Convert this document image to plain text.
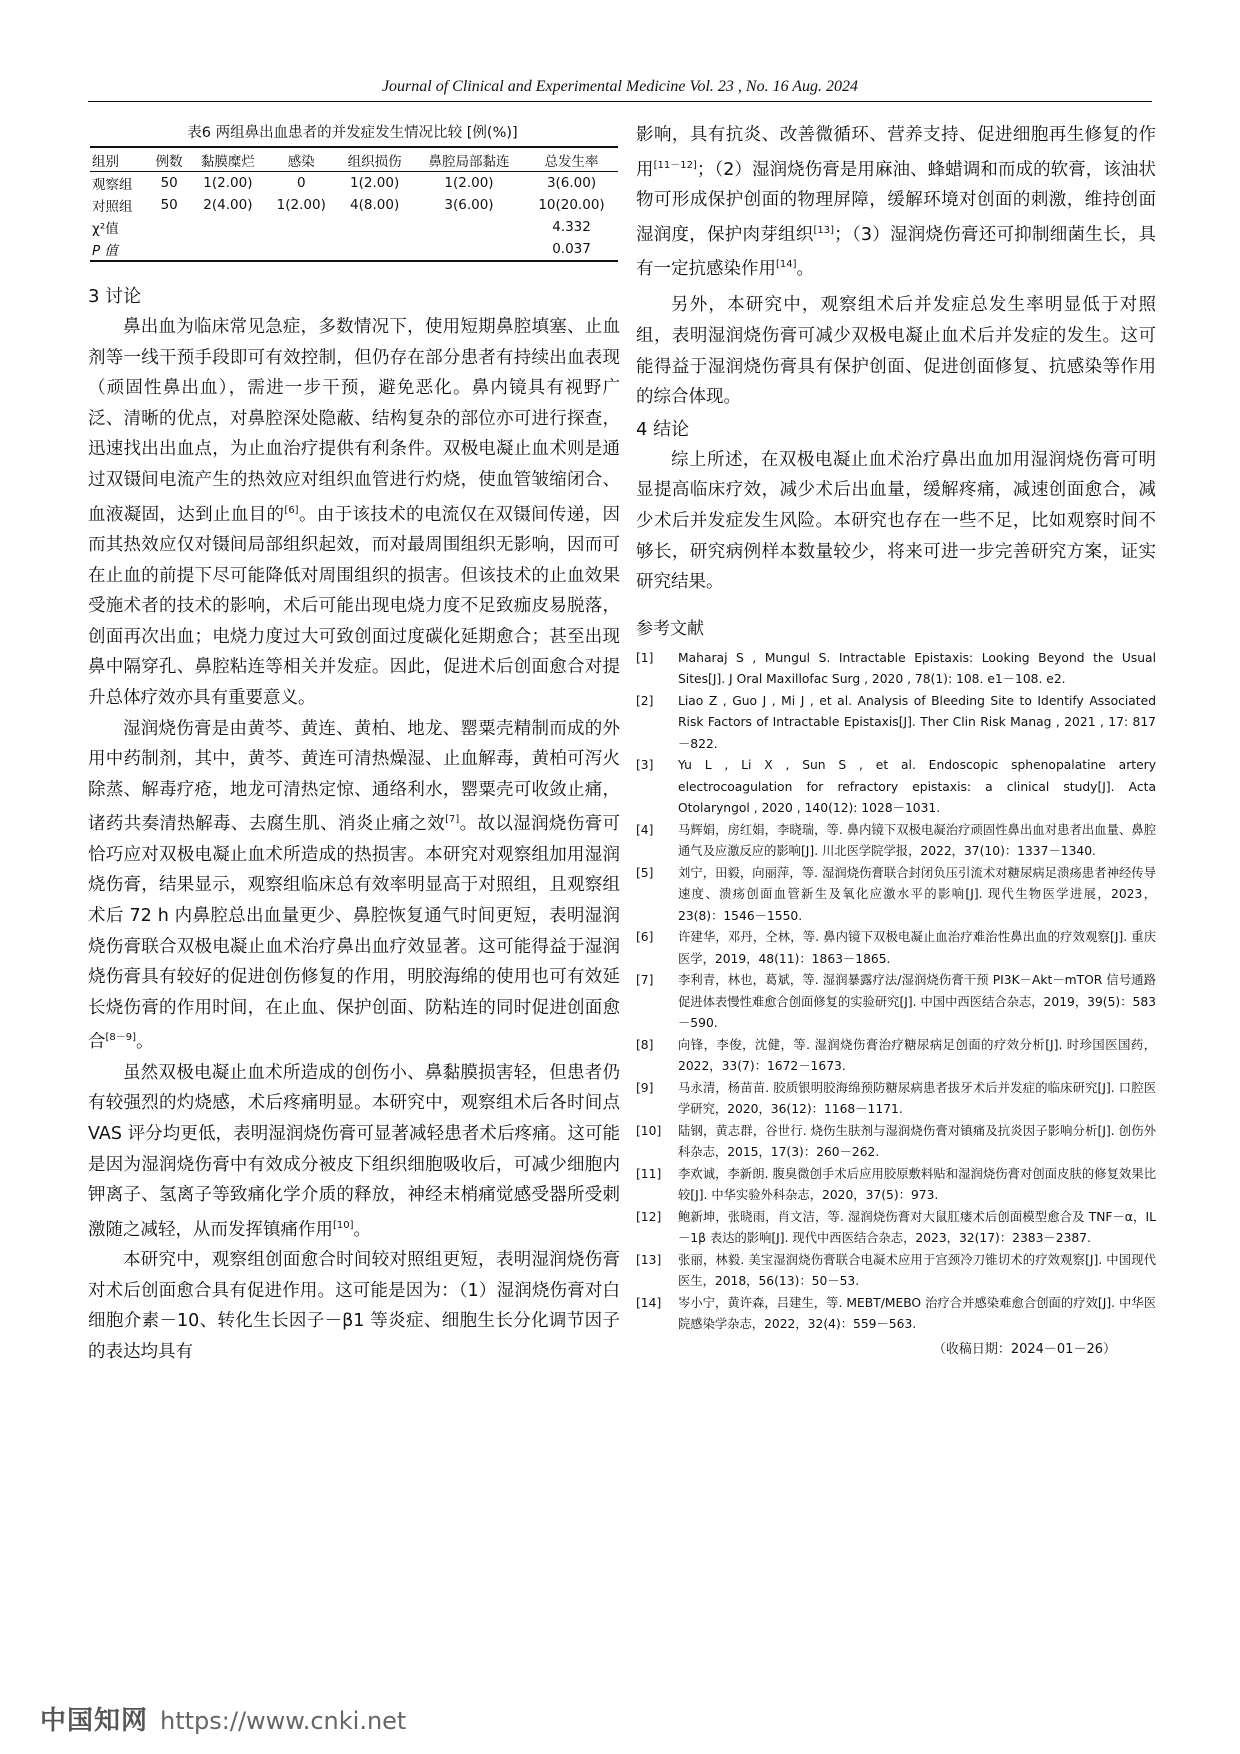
Journal of Clinical and Experimental Medicine Vol. 23 , No. 16 Aug. 2024
表6 两组鼻出血患者的并发症发生情况比较 [例(%)]
组别	例数	黏膜糜烂	感染	组织损伤	鼻腔局部黏连	总发生率
观察组	50	1(2.00)	0	1(2.00)	1(2.00)	3(6.00)
对照组	50	2(4.00)	1(2.00)	4(8.00)	3(6.00)	10(20.00)
χ²值						4.332
P 值						0.037

3 讨论

鼻出血为临床常见急症，多数情况下，使用短期鼻腔填塞、止血剂等一线干预手段即可有效控制，但仍存在部分患者有持续出血表现（顽固性鼻出血），需进一步干预，避免恶化。鼻内镜具有视野广泛、清晰的优点，对鼻腔深处隐蔽、结构复杂的部位亦可进行探查，迅速找出出血点，为止血治疗提供有利条件。双极电凝止血术则是通过双镊间电流产生的热效应对组织血管进行灼烧，使血管皱缩闭合、血液凝固，达到止血目的[6]。由于该技术的电流仅在双镊间传递，因而其热效应仅对镊间局部组织起效，而对最周围组织无影响，因而可在止血的前提下尽可能降低对周围组织的损害。但该技术的止血效果受施术者的技术的影响，术后可能出现电烧力度不足致痂皮易脱落，创面再次出血；电烧力度过大可致创面过度碳化延期愈合；甚至出现鼻中隔穿孔、鼻腔粘连等相关并发症。因此，促进术后创面愈合对提升总体疗效亦具有重要意义。

湿润烧伤膏是由黄芩、黄连、黄柏、地龙、罂粟壳精制而成的外用中药制剂，其中，黄芩、黄连可清热燥湿、止血解毒，黄柏可泻火除蒸、解毒疗疮，地龙可清热定惊、通络利水，罂粟壳可收敛止痛，诸药共奏清热解毒、去腐生肌、消炎止痛之效[7]。故以湿润烧伤膏可恰巧应对双极电凝止血术所造成的热损害。本研究对观察组加用湿润烧伤膏，结果显示，观察组临床总有效率明显高于对照组，且观察组术后 72 h 内鼻腔总出血量更少、鼻腔恢复通气时间更短，表明湿润烧伤膏联合双极电凝止血术治疗鼻出血疗效显著。这可能得益于湿润烧伤膏具有较好的促进创伤修复的作用，明胶海绵的使用也可有效延长烧伤膏的作用时间，在止血、保护创面、防粘连的同时促进创面愈合[8－9]。

虽然双极电凝止血术所造成的创伤小、鼻黏膜损害轻，但患者仍有较强烈的灼烧感，术后疼痛明显。本研究中，观察组术后各时间点 VAS 评分均更低，表明湿润烧伤膏可显著减轻患者术后疼痛。这可能是因为湿润烧伤膏中有效成分被皮下组织细胞吸收后，可减少细胞内钾离子、氢离子等致痛化学介质的释放，神经末梢痛觉感受器所受刺激随之减轻，从而发挥镇痛作用[10]。

本研究中，观察组创面愈合时间较对照组更短，表明湿润烧伤膏对术后创面愈合具有促进作用。这可能是因为：（1）湿润烧伤膏对白细胞介素－10、转化生长因子－β1 等炎症、细胞生长分化调节因子的表达均具有

影响，具有抗炎、改善微循环、营养支持、促进细胞再生修复的作用[11－12]；（2）湿润烧伤膏是用麻油、蜂蜡调和而成的软膏，该油状物可形成保护创面的物理屏障，缓解环境对创面的刺激，维持创面湿润度，保护肉芽组织[13]；（3）湿润烧伤膏还可抑制细菌生长，具有一定抗感染作用[14]。

另外，本研究中，观察组术后并发症总发生率明显低于对照组，表明湿润烧伤膏可减少双极电凝止血术后并发症的发生。这可能得益于湿润烧伤膏具有保护创面、促进创面修复、抗感染等作用的综合体现。

4 结论

综上所述，在双极电凝止血术治疗鼻出血加用湿润烧伤膏可明显提高临床疗效，减少术后出血量，缓解疼痛，减速创面愈合，减少术后并发症发生风险。本研究也存在一些不足，比如观察时间不够长，研究病例样本数量较少，将来可进一步完善研究方案，证实研究结果。

参考文献

[1]	Maharaj S , Mungul S. Intractable Epistaxis: Looking Beyond the Usual Sites[J]. J Oral Maxillofac Surg , 2020 , 78(1): 108. e1－108. e2.
[2]	Liao Z , Guo J , Mi J , et al. Analysis of Bleeding Site to Identify Associated Risk Factors of Intractable Epistaxis[J]. Ther Clin Risk Manag , 2021 , 17: 817－822.
[3]	Yu L , Li X , Sun S , et al. Endoscopic sphenopalatine artery electrocoagulation for refractory epistaxis: a clinical study[J]. Acta Otolaryngol , 2020 , 140(12): 1028－1031.
[4]	马辉娟，房红娟，李晓瑞，等. 鼻内镜下双极电凝治疗顽固性鼻出血对患者出血量、鼻腔通气及应激反应的影响[J]. 川北医学院学报，2022，37(10)：1337－1340.
[5]	刘宁，田毅，向丽萍，等. 湿润烧伤膏联合封闭负压引流术对糖尿病足溃疡患者神经传导速度、溃疡创面血管新生及氧化应激水平的影响[J]. 现代生物医学进展，2023，23(8)：1546－1550.
[6]	许建华，邓丹，仝林，等. 鼻内镜下双极电凝止血治疗难治性鼻出血的疗效观察[J]. 重庆医学，2019，48(11)：1863－1865.
[7]	李利青，林也，葛斌，等. 湿润暴露疗法/湿润烧伤膏干预 PI3K－Akt－mTOR 信号通路促进体表慢性难愈合创面修复的实验研究[J]. 中国中西医结合杂志，2019，39(5)：583－590.
[8]	向锋，李俊，沈健，等. 湿润烧伤膏治疗糖尿病足创面的疗效分析[J]. 时珍国医国药，2022，33(7)：1672－1673.
[9]	马永清，杨苗苗. 胶质银明胶海绵预防糖尿病患者拔牙术后并发症的临床研究[J]. 口腔医学研究，2020，36(12)：1168－1171.
[10]	陆钢，黄志群，谷世行. 烧伤生肤剂与湿润烧伤膏对镇痛及抗炎因子影响分析[J]. 创伤外科杂志，2015，17(3)：260－262.
[11]	李欢诚，李新朗. 腹臭微创手术后应用胶原敷料贴和湿润烧伤膏对创面皮肤的修复效果比较[J]. 中华实验外科杂志，2020，37(5)：973.
[12]	鲍新坤，张晓雨，肖文洁，等. 湿润烧伤膏对大鼠肛瘘术后创面模型愈合及 TNF－α，IL－1β 表达的影响[J]. 现代中西医结合杂志，2023，32(17)：2383－2387.
[13]	张丽，林毅. 美宝湿润烧伤膏联合电凝术应用于宫颈冷刀锥切术的疗效观察[J]. 中国现代医生，2018，56(13)：50－53.
[14]	岑小宁，黄许森，吕建生，等. MEBT/MEBO 治疗合并感染难愈合创面的疗效[J]. 中华医院感染学杂志，2022，32(4)：559－563.

（收稿日期：2024－01－26）

中国知网 https://www.cnki.net
